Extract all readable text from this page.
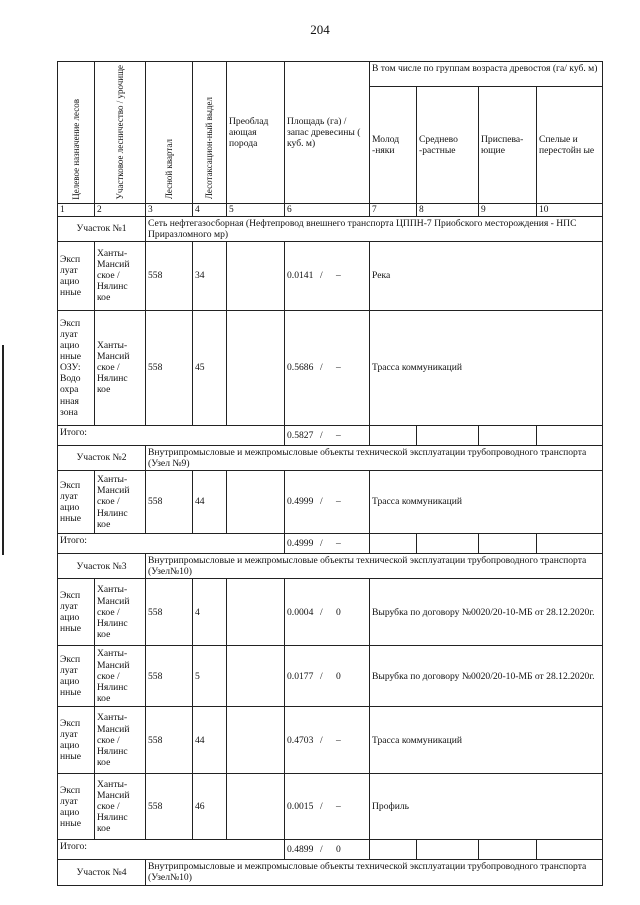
204
Целевое назначение лесов	Участковое лесничество / урочище	Лесной квартал	Лесотаксацион-ный выдел	Преоблад ающая порода	Площадь (га) / запас древесины ( куб. м)	В том числе по группам возраста древостоя (га/ куб. м)			
						Молод -няки	Среднево -растные	Приспева- ющие	Спелые и перестойн ые
1	2	3	4	5	6	7	8	9	10
Участок №1		Сеть нефтегазосборная (Нефтепровод внешнего транспорта ЦППН-7 Приобского месторождения - НПС Приразломного мр)							
Эксп луат ацио нные	Ханты-Мансий ское / Нялинс кое	558	34		0.0141 / –	Река			
Эксп луат ацио нные ОЗУ: Водо охра нная зона	Ханты-Мансий ское / Нялинс кое	558	45		0.5686 / –	Трасса коммуникаций			
Итого:					0.5827 / –				
Участок №2		Внутрипромысловые и межпромысловые объекты технической эксплуатации трубопроводного транспорта (Узел №9)							
Эксп луат ацио нные	Ханты-Мансий ское / Нялинс кое	558	44		0.4999 / –	Трасса коммуникаций			
Итого:					0.4999 / –				
Участок №3		Внутрипромысловые и межпромысловые объекты технической эксплуатации трубопроводного транспорта (Узел№10)							
Эксп луат ацио нные	Ханты-Мансий ское / Нялинс кое	558	4		0.0004 / 0	Вырубка по договору №0020/20-10-МБ от 28.12.2020г.			
Эксп луат ацио нные	Ханты-Мансий ское / Нялинс кое	558	5		0.0177 / 0	Вырубка по договору №0020/20-10-МБ от 28.12.2020г.			
Эксп луат ацио нные	Ханты-Мансий ское / Нялинс кое	558	44		0.4703 / –	Трасса коммуникаций			
Эксп луат ацио нные	Ханты-Мансий ское / Нялинс кое	558	46		0.0015 / –	Профиль			
Итого:					0.4899 / 0				
Участок №4		Внутрипромысловые и межпромысловые объекты технической эксплуатации трубопроводного транспорта (Узел№10)							
